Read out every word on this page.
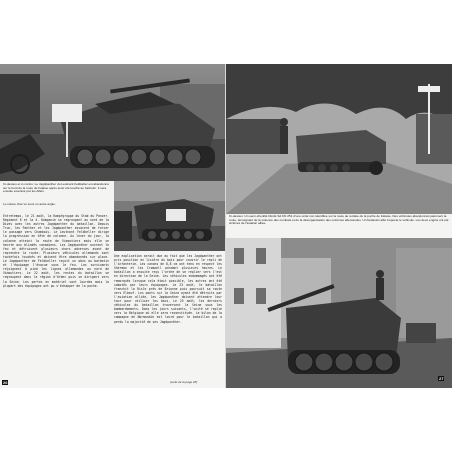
Ci-dessus et ci-contre: Le Jagdpanther du Leutnant Feldkeller est abandonné sur le bord de la route de Falaise après avoir été touché au barbotin. Il sera ensuite examiné par les Alliés.
Le même char vu sous un autre angle.
Entretemps, le 21 août, la Kampfgruppe du Stab du Panzer-Regiment 6 et la 4. Kompanie se regroupent au nord de la Dives avec les autres Jagdpanther du bataillon. Depuis Trun, les Panther et les Jagdpanther essaient de forcer le passage vers Chambois. Le Leutnant Feldkeller dirige la progression en tête de colonne. Au lever du jour, la colonne atteint la route de Vimoutiers mais elle se heurte aux blindés canadiens. Les Jagdpanther ouvrent le feu et détruisent plusieurs chars adverses avant de reprendre la route. Plusieurs véhicules allemands sont toutefois touchés et doivent être abandonnés sur place. Le Jagdpanther de Feldkeller reçoit un obus au barbotin et l'équipage l'évacue sous le feu. Les survivants rejoignent à pied les lignes allemandes au nord de Vimoutiers. Le 22 août, les restes du bataillon se regroupent dans la région d'Orbec puis se dirigent vers la Seine. Les pertes en matériel sont lourdes mais la plupart des équipages ont pu s'échapper de la poche.
Une explication serait due au fait que les Jagdpanther ont pris position en lisière du bois pour couvrir le repli de l'infanterie. Les canons de 8,8 cm ont tenu en respect les Sherman et les Cromwell pendant plusieurs heures. Le bataillon a ensuite reçu l'ordre de se replier vers l'est en direction de la Seine. Les véhicules endommagés ont été remorqués lorsque cela était possible, les autres ont été sabotés par leurs équipages. Le 23 août, le bataillon franchit la Risle près de Brionne puis poursuit sa route vers Elbeuf. Les ponts sur la Seine ayant été détruits par l'aviation alliée, les Jagdpanther doivent attendre leur tour pour utiliser les bacs. Le 25 août, les derniers véhicules du bataillon traversent la Seine sous les bombardements. Dans les jours suivants, l'unité se replie vers la Belgique où elle sera reconstituée. Le bilan de la campagne de Normandie est lourd pour le bataillon qui a perdu la majorité de ses Jagdpanther.
26	(suite de la page 28)
Ci-dessus: Un semi-chenillé blindé Sd.Kfz 251 d'une unité non identifiée sur la route de retraite de la poche de Falaise. Des véhicules abandonnés jalonnent la route, témoignant de la violence des combats et de la désorganisation des colonnes allemandes. Un fantassin allié inspecte le véhicule. Les deux engins ont été victimes de l'aviation alliée.
27
